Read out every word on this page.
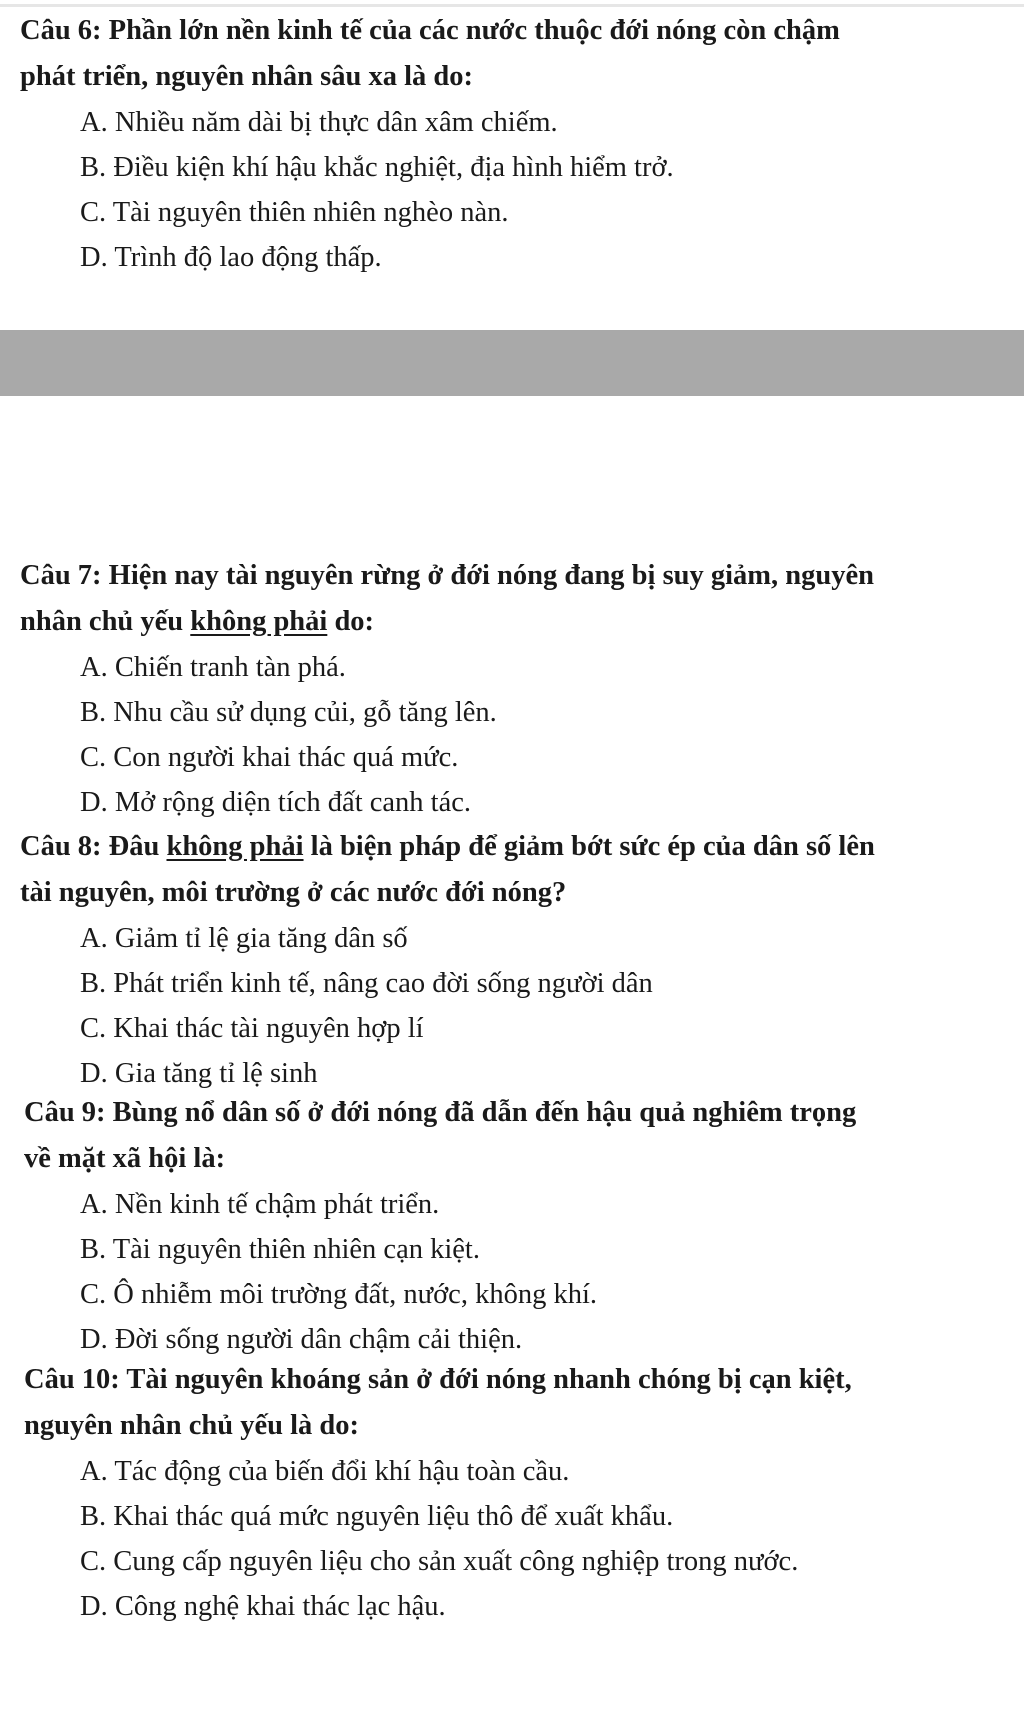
Câu 6: Phần lớn nền kinh tế của các nước thuộc đới nóng còn chậm
phát triển, nguyên nhân sâu xa là do:

A. Nhiều năm dài bị thực dân xâm chiếm.
B. Điều kiện khí hậu khắc nghiệt, địa hình hiểm trở.
C. Tài nguyên thiên nhiên nghèo nàn.
D. Trình độ lao động thấp.

Câu 7: Hiện nay tài nguyên rừng ở đới nóng đang bị suy giảm, nguyên
nhân chủ yếu không phải do:

A. Chiến tranh tàn phá.
B. Nhu cầu sử dụng củi, gỗ tăng lên.
C. Con người khai thác quá mức.
D. Mở rộng diện tích đất canh tác.

Câu 8: Đâu không phải là biện pháp để giảm bớt sức ép của dân số lên
tài nguyên, môi trường ở các nước đới nóng?

A. Giảm tỉ lệ gia tăng dân số
B. Phát triển kinh tế, nâng cao đời sống người dân
C. Khai thác tài nguyên hợp lí
D. Gia tăng tỉ lệ sinh

Câu 9: Bùng nổ dân số ở đới nóng đã dẫn đến hậu quả nghiêm trọng
về mặt xã hội là:

A. Nền kinh tế chậm phát triển.
B. Tài nguyên thiên nhiên cạn kiệt.
C. Ô nhiễm môi trường đất, nước, không khí.
D. Đời sống người dân chậm cải thiện.

Câu 10: Tài nguyên khoáng sản ở đới nóng nhanh chóng bị cạn kiệt,
nguyên nhân chủ yếu là do:

A. Tác động của biến đổi khí hậu toàn cầu.
B. Khai thác quá mức nguyên liệu thô để xuất khẩu.
C. Cung cấp nguyên liệu cho sản xuất công nghiệp trong nước.
D. Công nghệ khai thác lạc hậu.
